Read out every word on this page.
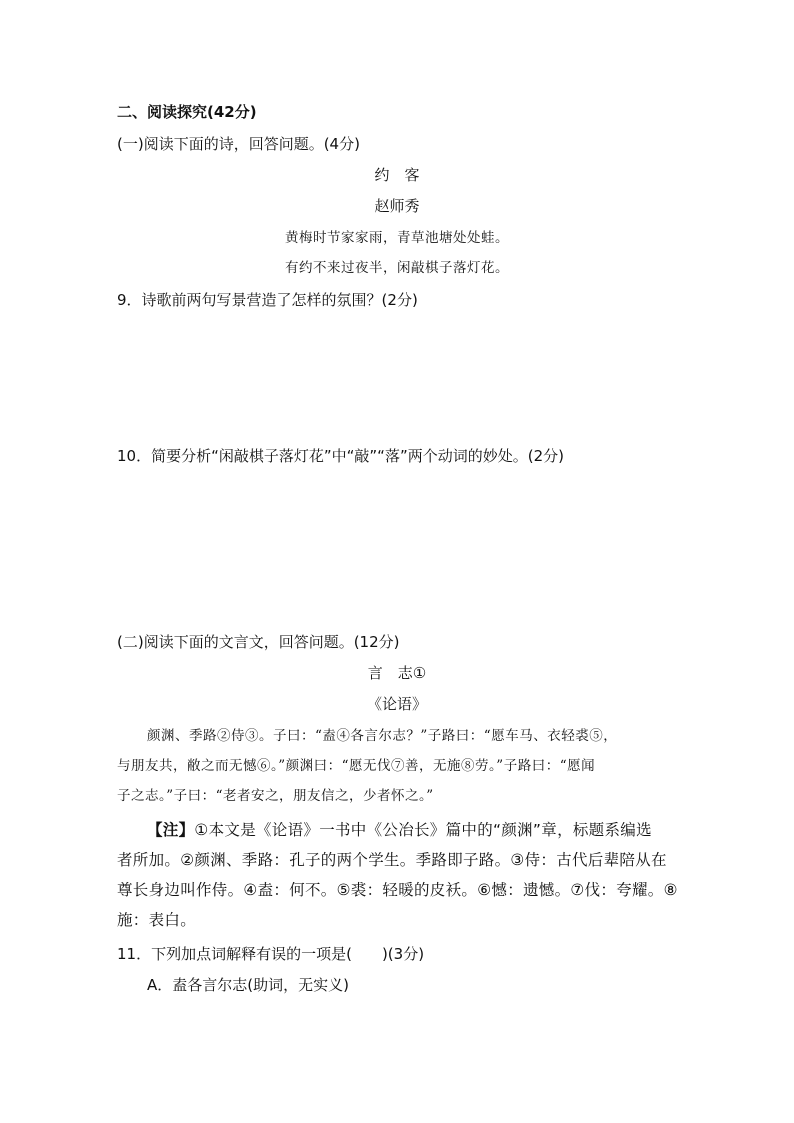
二、阅读探究(42分)
(一)阅读下面的诗，回答问题。(4分)
约　客
赵师秀
黄梅时节家家雨，青草池塘处处蛙。
有约不来过夜半，闲敲棋子落灯花。
9．诗歌前两句写景营造了怎样的氛围？(2分)
10．简要分析“闲敲棋子落灯花”中“敲”“落”两个动词的妙处。(2分)
(二)阅读下面的文言文，回答问题。(12分)
言　志①
《论语》
颜渊、季路②侍③。子曰：“盍④各言尔志？”子路曰：“愿车马、衣轻裘⑤，
与朋友共，敝之而无憾⑥。”颜渊曰：“愿无伐⑦善，无施⑧劳。”子路曰：“愿闻
子之志。”子曰：“老者安之，朋友信之，少者怀之。”
【注】①本文是《论语》一书中《公冶长》篇中的“颜渊”章，标题系编选
者所加。②颜渊、季路：孔子的两个学生。季路即子路。③侍：古代后辈陪从在
尊长身边叫作侍。④盍：何不。⑤裘：轻暖的皮袄。⑥憾：遗憾。⑦伐：夸耀。⑧
施：表白。
11．下列加点词解释有误的一项是(　　)(3分)
A．盍各言尔志(助词，无实义)
